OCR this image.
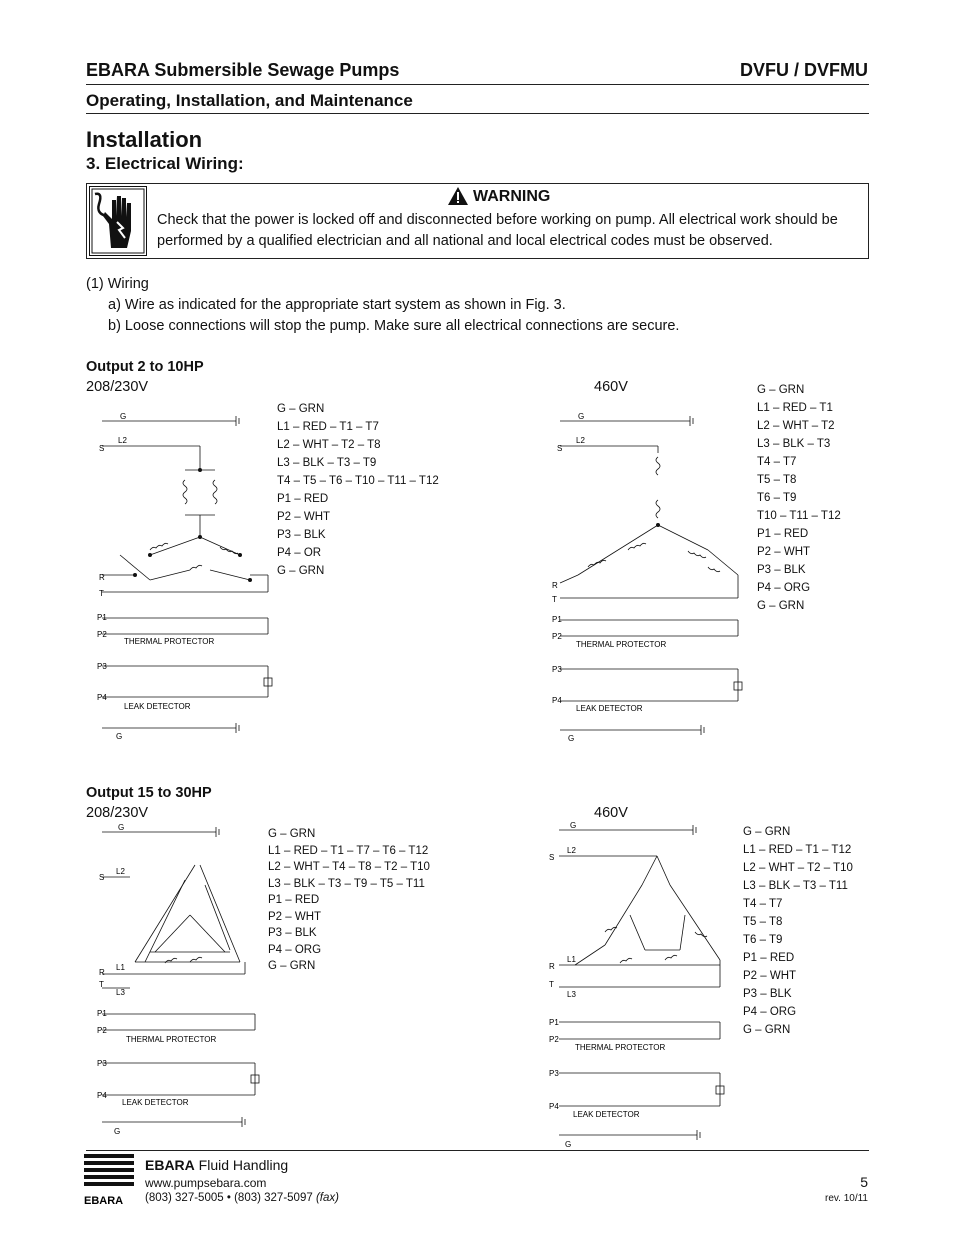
EBARA Submersible Sewage Pumps	DVFU / DVFMU
Operating, Installation, and Maintenance
Installation
3. Electrical Wiring:
WARNING
Check that the power is locked off and disconnected before working on pump. All electrical work should be performed by a qualified electrician and all national and local electrical codes must be observed.
(1) Wiring
a) Wire as indicated for the appropriate start system as shown in Fig. 3.
b) Loose connections will stop the pump. Make sure all electrical connections are secure.
Output 2 to 10HP
208/230V	460V
G – GRN
L1 – RED – T1 – T7
L2 – WHT – T2 – T8
L3 – BLK – T3 – T9
T4 – T5 – T6 – T10 – T11 – T12
P1 – RED
P2 – WHT
P3 – BLK
P4 – OR
G – GRN
G – GRN
L1 – RED – T1
L2 – WHT – T2
L3 – BLK – T3
T4 – T7
T5 – T8
T6 – T9
T10 – T11 – T12
P1 – RED
P2 – WHT
P3 – BLK
P4 – ORG
G – GRN
Output 15 to 30HP
208/230V	460V
G – GRN
L1 – RED – T1 – T7 – T6 – T12
L2 – WHT – T4 – T8 – T2 – T10
L3 – BLK – T3 – T9 – T5 – T11
P1 – RED
P2 – WHT
P3 – BLK
P4 – ORG
G – GRN
G – GRN
L1 – RED – T1 – T12
L2 – WHT – T2 – T10
L3 – BLK – T3 – T11
T4 – T7
T5 – T8
T6 – T9
P1 – RED
P2 – WHT
P3 – BLK
P4 – ORG
G – GRN
G
S
L2
R
T
P1
P2
THERMAL PROTECTOR
P3
P4
LEAK DETECTOR
G
G
S
L2
R
T
P1
P2
THERMAL PROTECTOR
P3
P4
LEAK DETECTOR
G
G
S
L2
L1
R
T
L3
P1
P2
THERMAL PROTECTOR
P3
P4
LEAK DETECTOR
G
G
S
L2
R
L1
T
L3
P1
P2
THERMAL PROTECTOR
P3
P4
LEAK DETECTOR
G
EBARA
EBARA Fluid Handling
www.pumpsebara.com
(803) 327-5005 • (803) 327-5097 (fax)
5
rev. 10/11
